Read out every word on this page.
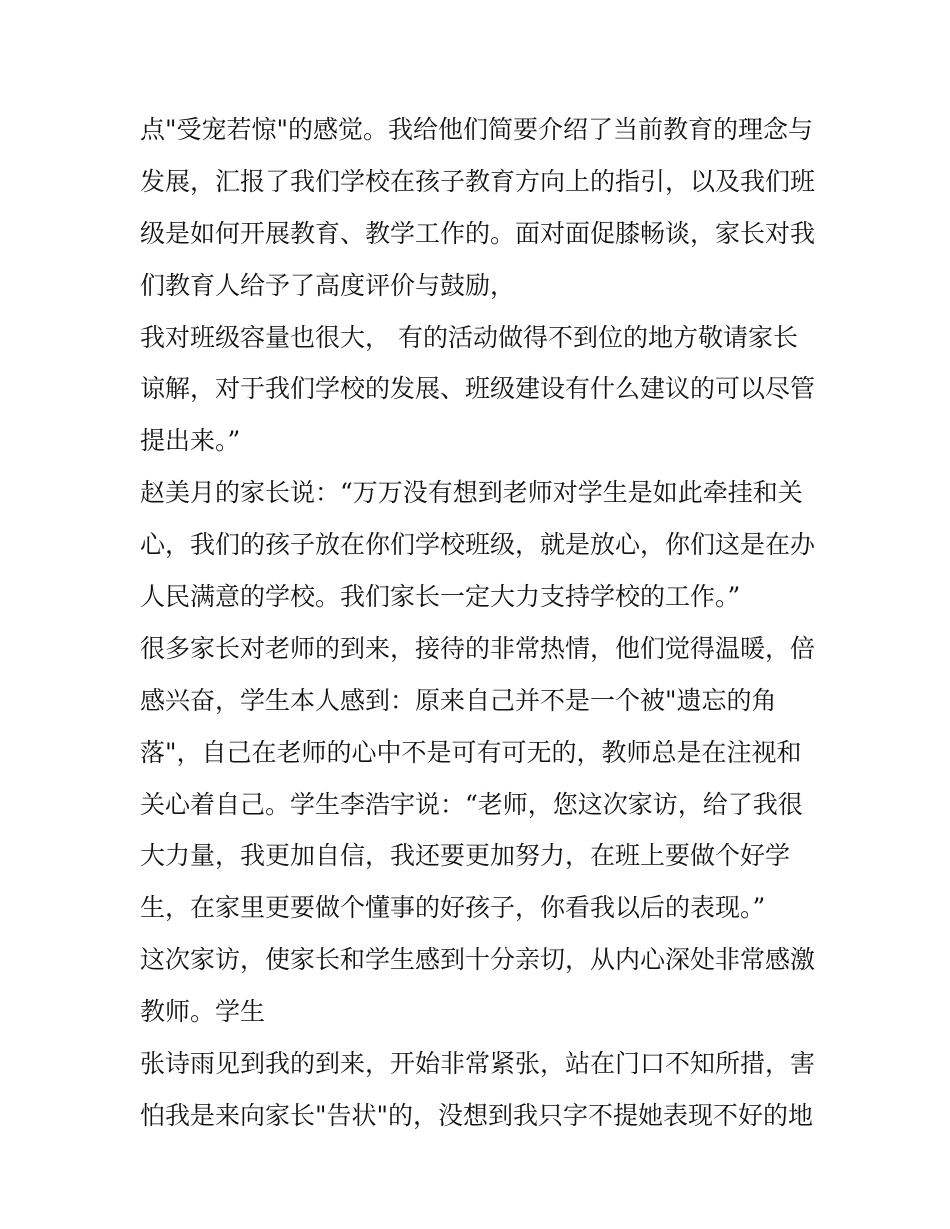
点"受宠若惊"的感觉。我给他们简要介绍了当前教育的理念与
发展，汇报了我们学校在孩子教育方向上的指引，以及我们班
级是如何开展教育、教学工作的。面对面促膝畅谈，家长对我
们教育人给予了高度评价与鼓励，
我对班级容量也很大， 有的活动做得不到位的地方敬请家长
谅解，对于我们学校的发展、班级建设有什么建议的可以尽管
提出来。”
赵美月的家长说：“万万没有想到老师对学生是如此牵挂和关
心，我们的孩子放在你们学校班级，就是放心，你们这是在办
人民满意的学校。我们家长一定大力支持学校的工作。”
很多家长对老师的到来，接待的非常热情，他们觉得温暖，倍
感兴奋，学生本人感到：原来自己并不是一个被"遗忘的角
落"，自己在老师的心中不是可有可无的，教师总是在注视和
关心着自己。学生李浩宇说：“老师，您这次家访，给了我很
大力量，我更加自信，我还要更加努力，在班上要做个好学
生，在家里更要做个懂事的好孩子，你看我以后的表现。”
这次家访，使家长和学生感到十分亲切，从内心深处非常感激
教师。学生
张诗雨见到我的到来，开始非常紧张，站在门口不知所措，害
怕我是来向家长"告状"的，没想到我只字不提她表现不好的地
